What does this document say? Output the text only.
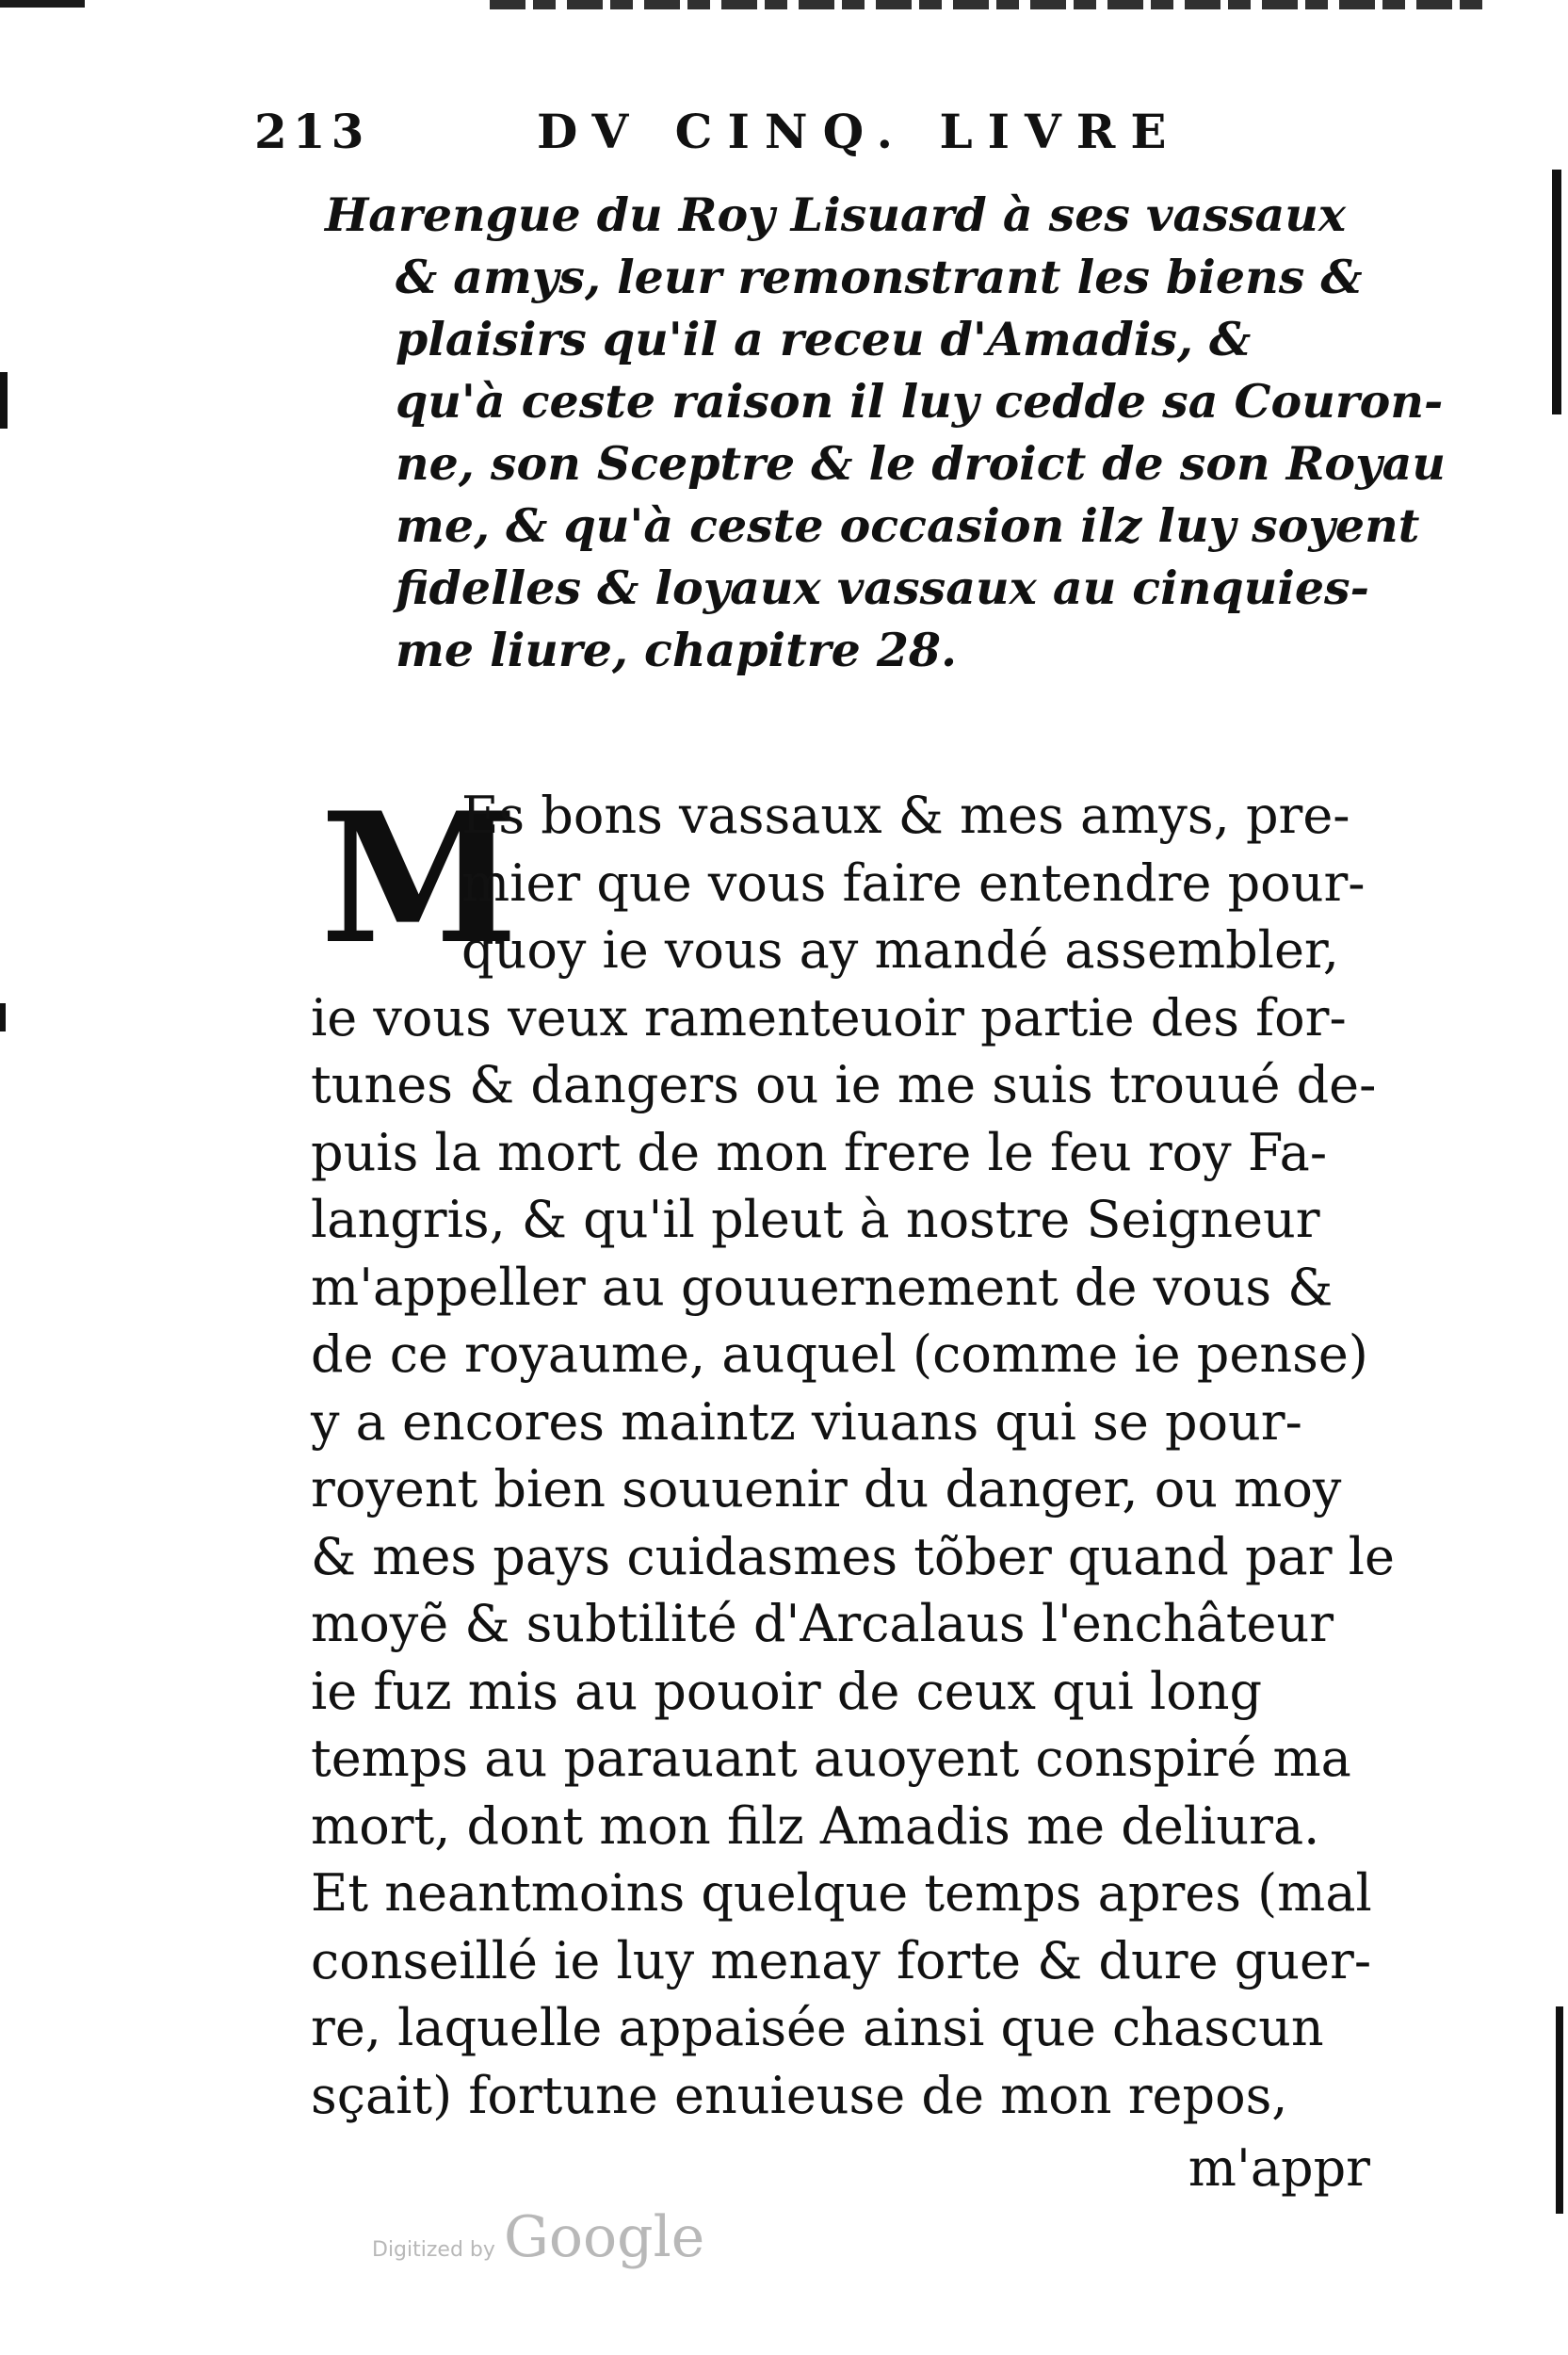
213	DV CINQ. LIVRE
Harengue du Roy Lisuard à ses vassaux
& amys, leur remonstrant les biens &
plaisirs qu'il a receu d'Amadis, &
qu'à ceste raison il luy cedde sa Couron-
ne, son Sceptre & le droict de son Royau
me, & qu'à ceste occasion ilz luy soyent
fidelles & loyaux vassaux au cinquies-
me liure, chapitre 28.
M
Es bons vassaux & mes amys, pre-
mier que vous faire entendre pour-
quoy ie vous ay mandé assembler,
ie vous veux ramenteuoir partie des for-
tunes & dangers ou ie me suis trouué de-
puis la mort de mon frere le feu roy Fa-
langris, & qu'il pleut à nostre Seigneur
m'appeller au gouuernement de vous &
de ce royaume, auquel (comme ie pense)
y a encores maintz viuans qui se pour-
royent bien souuenir du danger, ou moy
& mes pays cuidasmes tõber quand par le
moyẽ & subtilité d'Arcalaus l'enchâteur
ie fuz mis au pouoir de ceux qui long
temps au parauant auoyent conspiré ma
mort, dont mon filz Amadis me deliura.
Et neantmoins quelque temps apres (mal
conseillé ie luy menay forte & dure guer-
re, laquelle appaisée ainsi que chascun
sçait) fortune enuieuse de mon repos,
m'appr
Digitized by Google
